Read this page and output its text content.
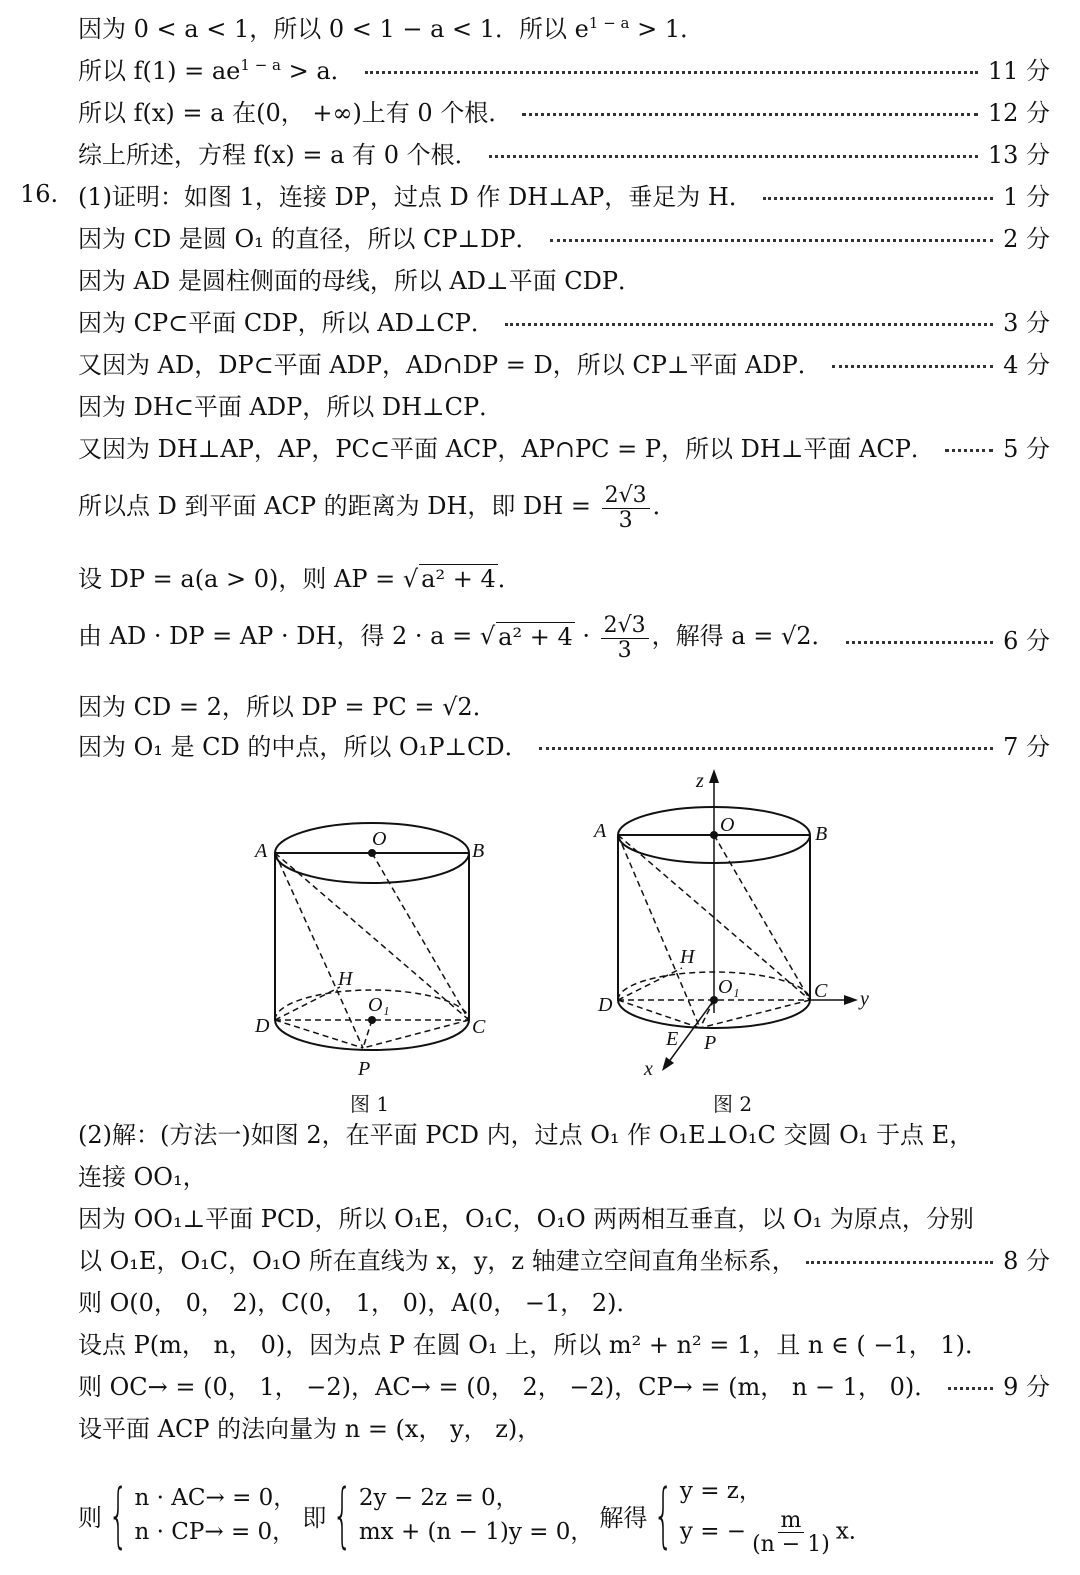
因为 0 < a < 1，所以 0 < 1 − a < 1．所以 $e^{1 - a} > 1$．
所以 $f(1) = ae^{1 - a} > a$．	11 分
所以 f(x) = a 在(0， +∞)上有 0 个根．	12 分
综上所述，方程 f(x) = a 有 0 个根．	13 分
16. (1)证明：如图 1，连接 DP，过点 D 作 DH⊥AP，垂足为 H．	1 分
因为 CD 是圆 O₁ 的直径，所以 CP⊥DP．	2 分
因为 AD 是圆柱侧面的母线，所以 AD⊥平面 CDP．
因为 CP⊂平面 CDP，所以 AD⊥CP．	3 分
又因为 AD，DP⊂平面 ADP，AD∩DP = D，所以 CP⊥平面 ADP．	4 分
因为 DH⊂平面 ADP，所以 DH⊥CP．
又因为 DH⊥AP，AP，PC⊂平面 ACP，AP∩PC = P，所以 DH⊥平面 ACP．	5 分
所以点 D 到平面 ACP 的距离为 DH，即 DH = $\frac{2√3}{3}$ ．
设 DP = a(a > 0)，则 AP = √ a² + 4．
由 AD · DP = AP · DH，得 2 · a = √ $a^2 + 4 \cdot \frac{2√3}{3}$ ，解得 a = √2．	6 分
因为 CD = 2，所以 DP = PC = √2．
因为 O₁ 是 CD 的中点，所以 O₁P⊥CD．	7 分
A	B
O
D	C
H
O₁
P
图 1
A	B
O
D
C
H
O₁
P
E
x
y
z
图 2
(2)解：(方法一)如图 2，在平面 PCD 内，过点 O₁ 作 O₁E⊥O₁C 交圆 O₁ 于点 E，
连接 OO₁，
因为 OO₁⊥平面 PCD，所以 O₁E，O₁C，O₁O 两两相互垂直，以 O₁ 为原点，分别
以 O₁E，O₁C，O₁O 所在直线为 x，y，z 轴建立空间直角坐标系，	8 分
则 O(0， 0， 2)，C(0， 1， 0)，A(0， −1， 2)．
设点 P(m， n， 0)，因为点 P 在圆 O₁ 上，所以 m² + n² = 1，且 n ∈ ( −1， 1)．
则 OC→ = (0， 1， −2)，AC→ = (0， 2， −2)，CP→ = (m， n − 1， 0)．	9 分
设平面 ACP 的法向量为 n = (x， y， z)，
则 { n · AC→ = 0，
n · CP→ = 0，
即 { 2y − 2z = 0，
mx + (n − 1)y = 0，
解得 { y = z，
y = − $\frac{m}{(n - 1)}$ x．
